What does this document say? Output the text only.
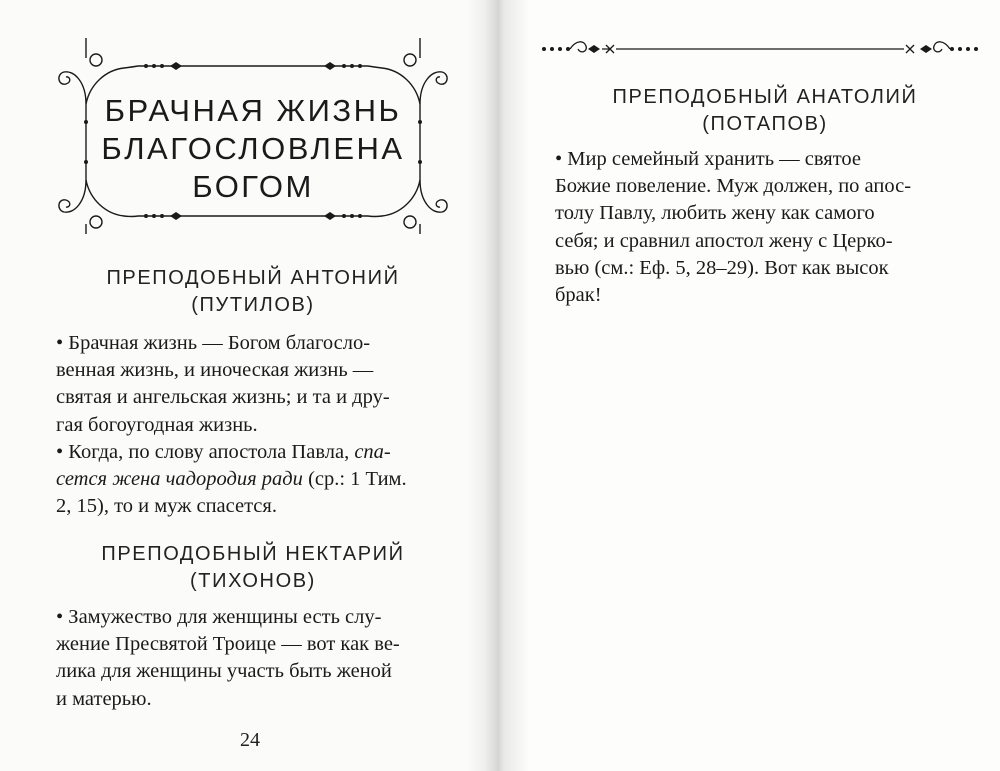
БРАЧНАЯ ЖИЗНЬ
БЛАГОСЛОВЛЕНА
БОГОМ
ПРЕПОДОБНЫЙ АНТОНИЙ
(ПУТИЛОВ)
• Брачная жизнь — Богом благосло-
венная жизнь, и иноческая жизнь —
святая и ангельская жизнь; и та и дру-
гая богоугодная жизнь.
• Когда, по слову апостола Павла, спа-
сется жена чадородия ради (ср.: 1 Тим.
2, 15), то и муж спасется.
ПРЕПОДОБНЫЙ НЕКТАРИЙ
(ТИХОНОВ)
• Замужество для женщины есть слу-
жение Пресвятой Троице — вот как ве-
лика для женщины участь быть женой
и матерью.
24
ПРЕПОДОБНЫЙ АНАТОЛИЙ
(ПОТАПОВ)
• Мир семейный хранить — святое
Божие повеление. Муж должен, по апос-
толу Павлу, любить жену как самого
себя; и сравнил апостол жену с Церко-
вью (см.: Еф. 5, 28–29). Вот как высок
брак!
